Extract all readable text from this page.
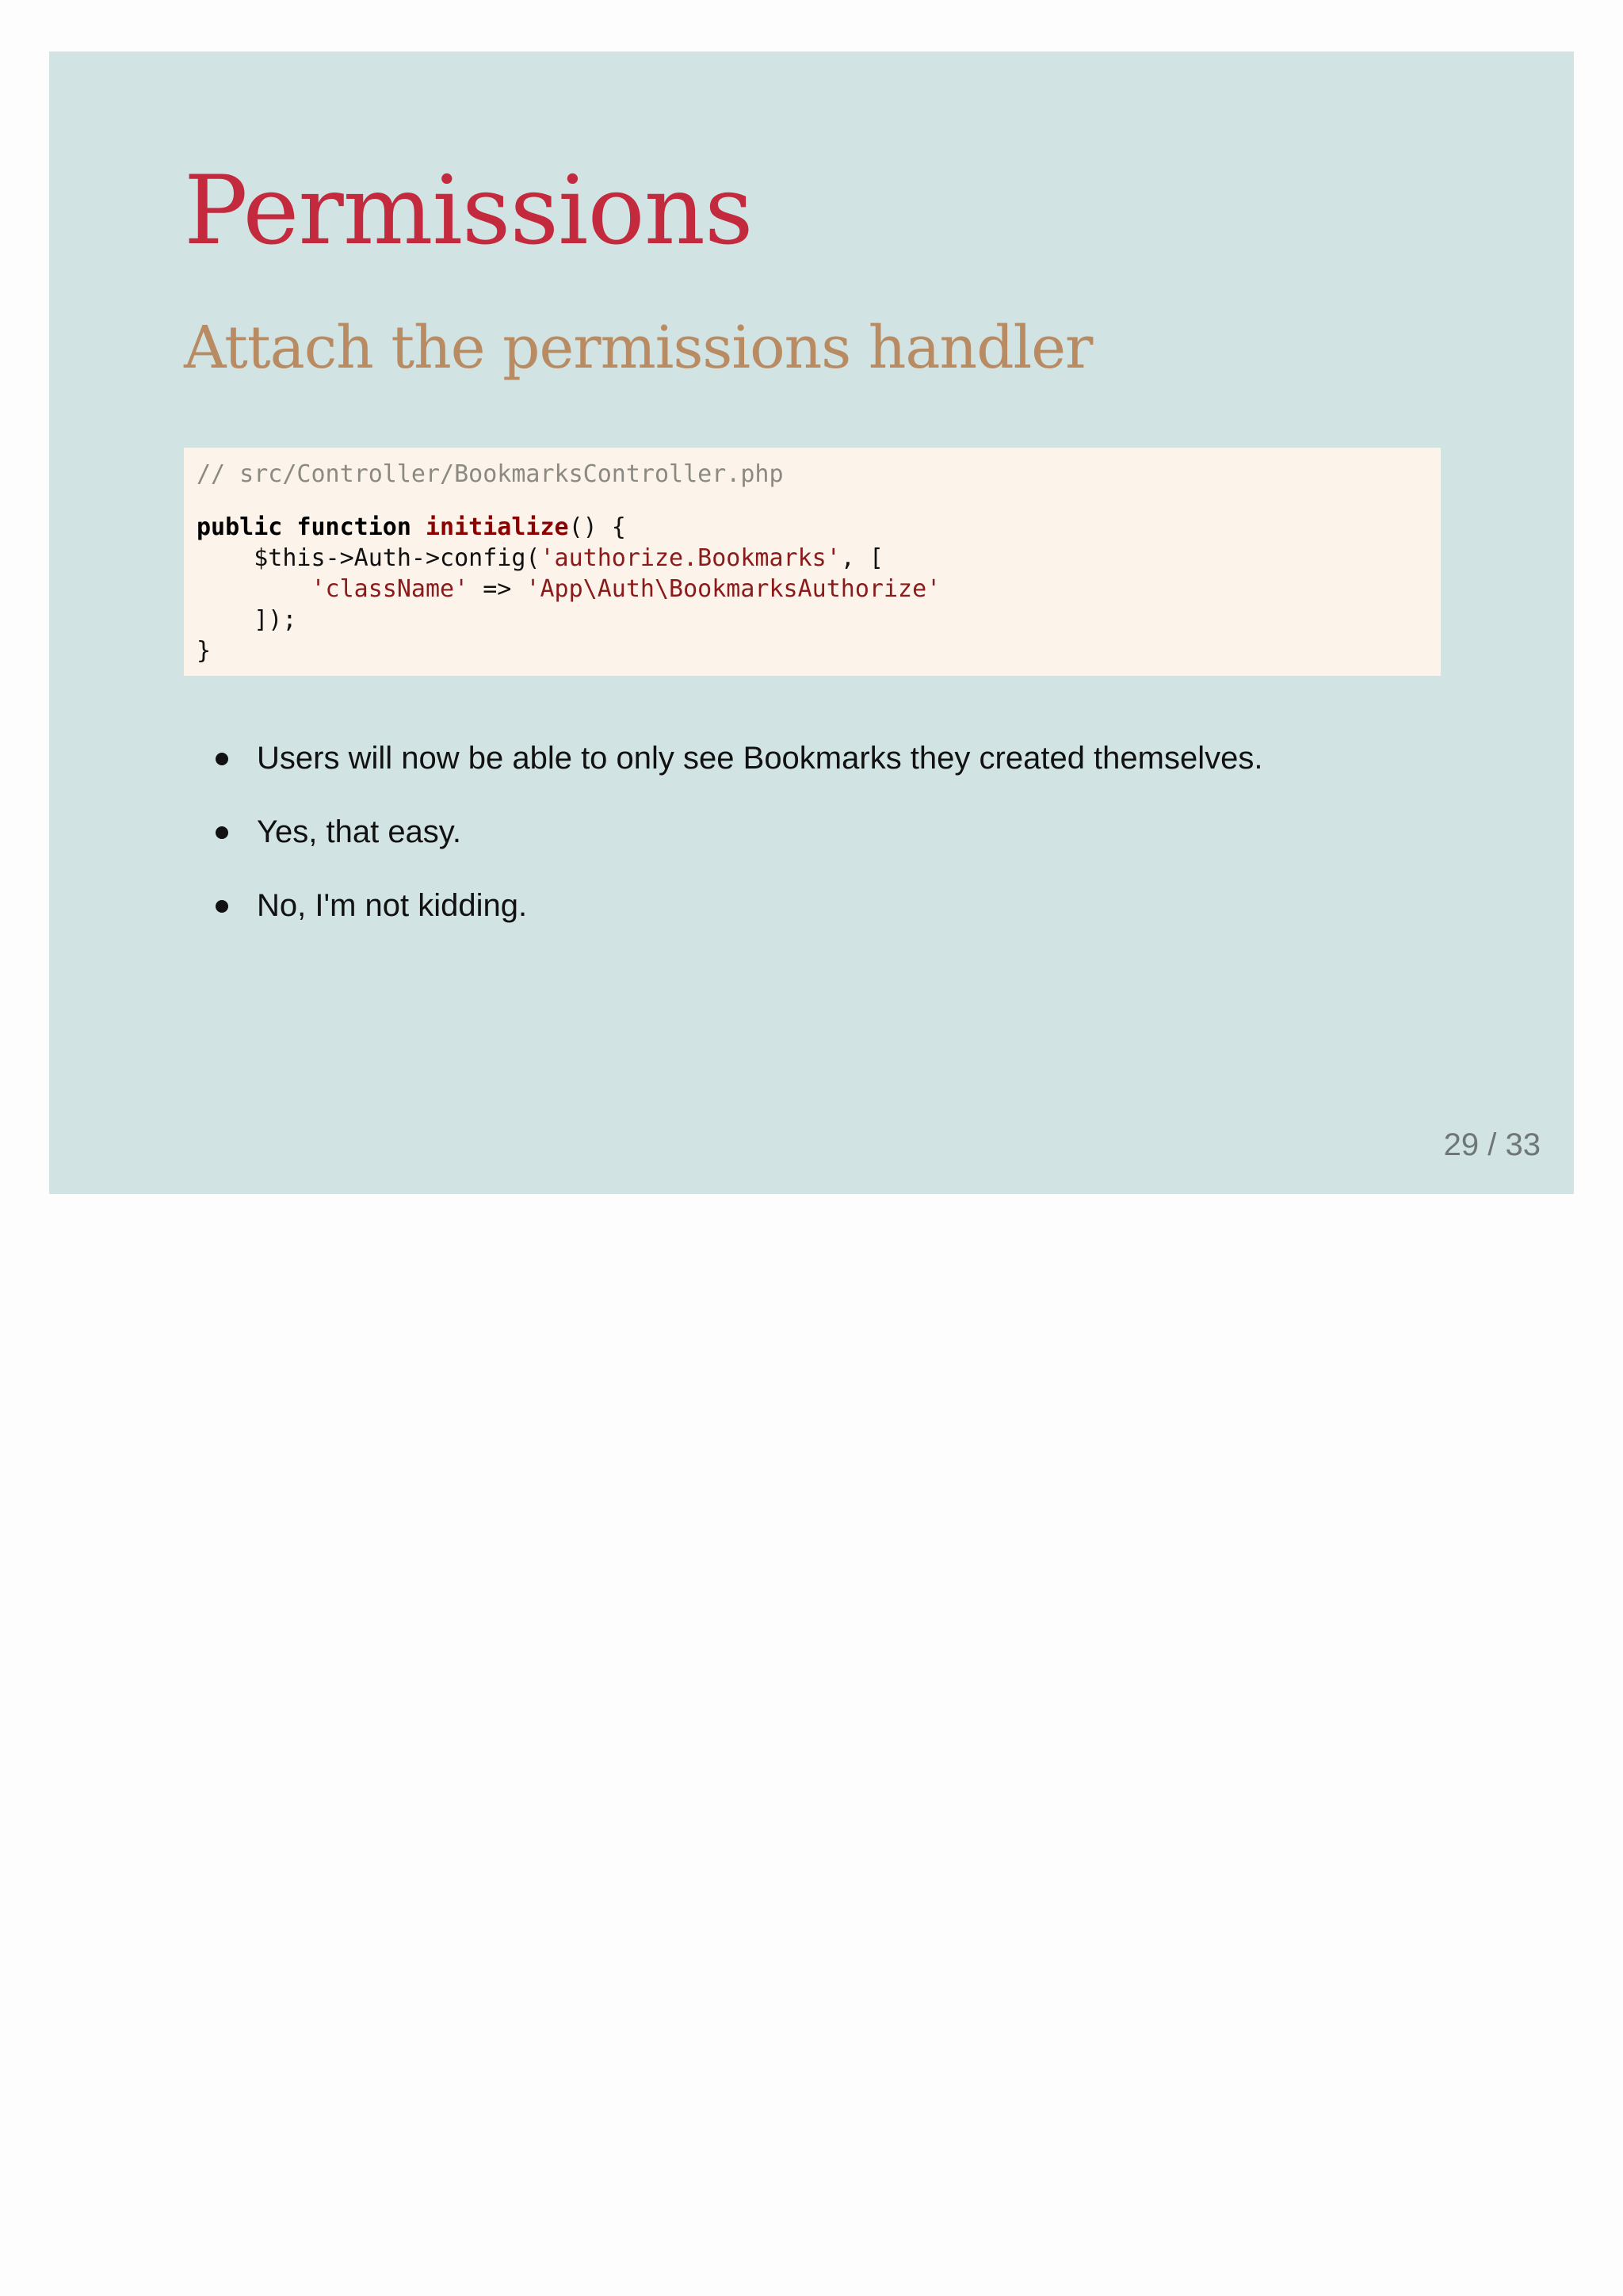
Permissions
Attach the permissions handler
// src/Controller/BookmarksController.php
public function initialize() {
$this->Auth->config('authorize.Bookmarks', [
'className' => 'App\Auth\BookmarksAuthorize'
]);
}
Users will now be able to only see Bookmarks they created themselves.
Yes, that easy.
No, I'm not kidding.
29 / 33
